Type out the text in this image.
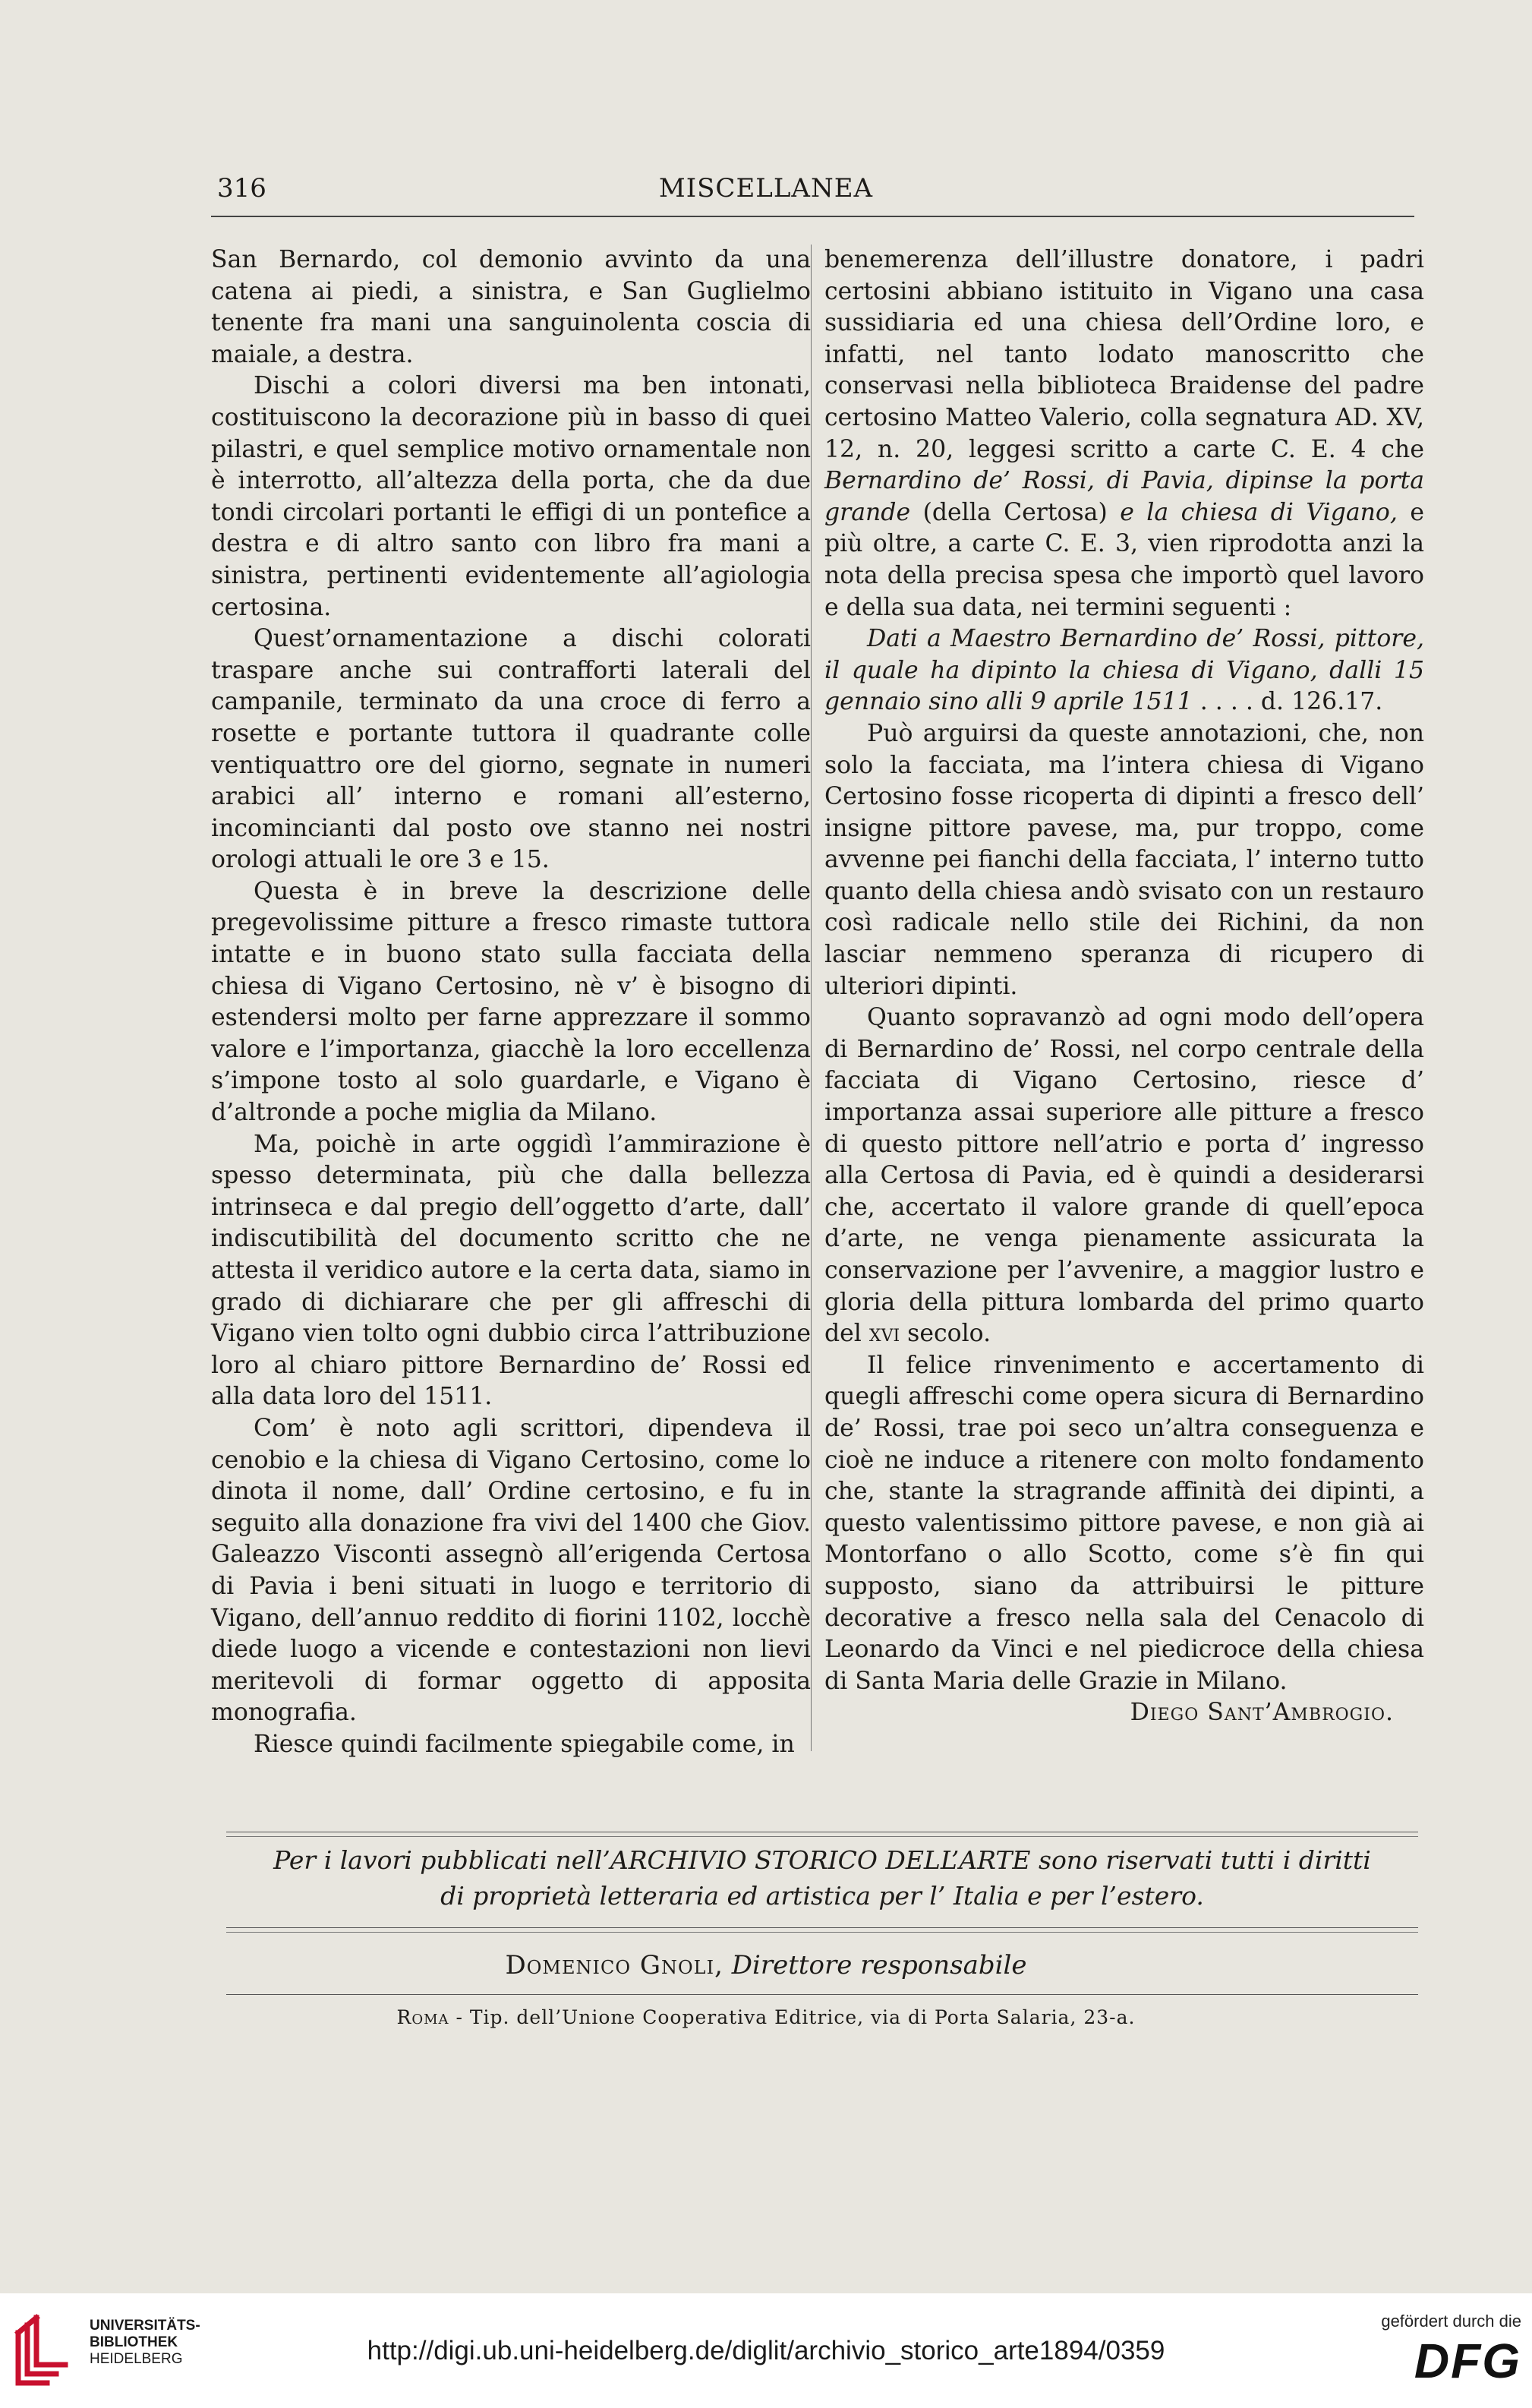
316	MISCELLANEA

San Bernardo, col demonio avvinto da una catena ai piedi, a sinistra, e San Guglielmo tenente fra mani una sanguinolenta coscia di maiale, a destra.

Dischi a colori diversi ma ben intonati, costituiscono la decorazione più in basso di quei pilastri, e quel semplice motivo ornamentale non è interrotto, all’altezza della porta, che da due tondi circolari portanti le effigi di un pontefice a destra e di altro santo con libro fra mani a sinistra, pertinenti evidentemente all’agiologia certosina.

Quest’ornamentazione a dischi colorati traspare anche sui contrafforti laterali del campanile, terminato da una croce di ferro a rosette e portante tuttora il quadrante colle ventiquattro ore del giorno, segnate in numeri arabici all’ interno e romani all’esterno, incomincianti dal posto ove stanno nei nostri orologi attuali le ore 3 e 15.

Questa è in breve la descrizione delle pregevolissime pitture a fresco rimaste tuttora intatte e in buono stato sulla facciata della chiesa di Vigano Certosino, nè v’ è bisogno di estendersi molto per farne apprezzare il sommo valore e l’importanza, giacchè la loro eccellenza s’impone tosto al solo guardarle, e Vigano è d’altronde a poche miglia da Milano.

Ma, poichè in arte oggidì l’ammirazione è spesso determinata, più che dalla bellezza intrinseca e dal pregio dell’oggetto d’arte, dall’ indiscutibilità del documento scritto che ne attesta il veridico autore e la certa data, siamo in grado di dichiarare che per gli affreschi di Vigano vien tolto ogni dubbio circa l’attribuzione loro al chiaro pittore Bernardino de’ Rossi ed alla data loro del 1511.

Com’ è noto agli scrittori, dipendeva il cenobio e la chiesa di Vigano Certosino, come lo dinota il nome, dall’ Ordine certosino, e fu in seguito alla donazione fra vivi del 1400 che Giov. Galeazzo Visconti assegnò all’erigenda Certosa di Pavia i beni situati in luogo e territorio di Vigano, dell’annuo reddito di fiorini 1102, locchè diede luogo a vicende e contestazioni non lievi meritevoli di formar oggetto di apposita monografia.

Riesce quindi facilmente spiegabile come, in

benemerenza dell’illustre donatore, i padri certosini abbiano istituito in Vigano una casa sussidiaria ed una chiesa dell’Ordine loro, e infatti, nel tanto lodato manoscritto che conservasi nella biblioteca Braidense del padre certosino Matteo Valerio, colla segnatura AD. XV, 12, n. 20, leggesi scritto a carte C. E. 4 che Bernardino de’ Rossi, di Pavia, dipinse la porta grande (della Certosa) e la chiesa di Vigano, e più oltre, a carte C. E. 3, vien riprodotta anzi la nota della precisa spesa che importò quel lavoro e della sua data, nei termini seguenti :

Dati a Maestro Bernardino de’ Rossi, pittore, il quale ha dipinto la chiesa di Vigano, dalli 15 gennaio sino alli 9 aprile 1511 . . . . d. 126.17.

Può arguirsi da queste annotazioni, che, non solo la facciata, ma l’intera chiesa di Vigano Certosino fosse ricoperta di dipinti a fresco dell’ insigne pittore pavese, ma, pur troppo, come avvenne pei fianchi della facciata, l’ interno tutto quanto della chiesa andò svisato con un restauro così radicale nello stile dei Richini, da non lasciar nemmeno speranza di ricupero di ulteriori dipinti.

Quanto sopravanzò ad ogni modo dell’opera di Bernardino de’ Rossi, nel corpo centrale della facciata di Vigano Certosino, riesce d’ importanza assai superiore alle pitture a fresco di questo pittore nell’atrio e porta d’ ingresso alla Certosa di Pavia, ed è quindi a desiderarsi che, accertato il valore grande di quell’epoca d’arte, ne venga pienamente assicurata la conservazione per l’avvenire, a maggior lustro e gloria della pittura lombarda del primo quarto del xvi secolo.

Il felice rinvenimento e accertamento di quegli affreschi come opera sicura di Bernardino de’ Rossi, trae poi seco un’altra conseguenza e cioè ne induce a ritenere con molto fondamento che, stante la stragrande affinità dei dipinti, a questo valentissimo pittore pavese, e non già ai Montorfano o allo Scotto, come s’è fin qui supposto, siano da attribuirsi le pitture decorative a fresco nella sala del Cenacolo di Leonardo da Vinci e nel piedicroce della chiesa di Santa Maria delle Grazie in Milano.

Diego Sant’Ambrogio.

Per i lavori pubblicati nell’ARCHIVIO STORICO DELL’ARTE sono riservati tutti i diritti
di proprietà letteraria ed artistica per l’ Italia e per l’estero.
Domenico Gnoli, Direttore responsabile
Roma - Tip. dell’Unione Cooperativa Editrice, via di Porta Salaria, 23-a.
UNIVERSITÄTS-
BIBLIOTHEK
HEIDELBERG	http://digi.ub.uni-heidelberg.de/diglit/archivio_storico_arte1894/0359
gefördert durch die
DFG
